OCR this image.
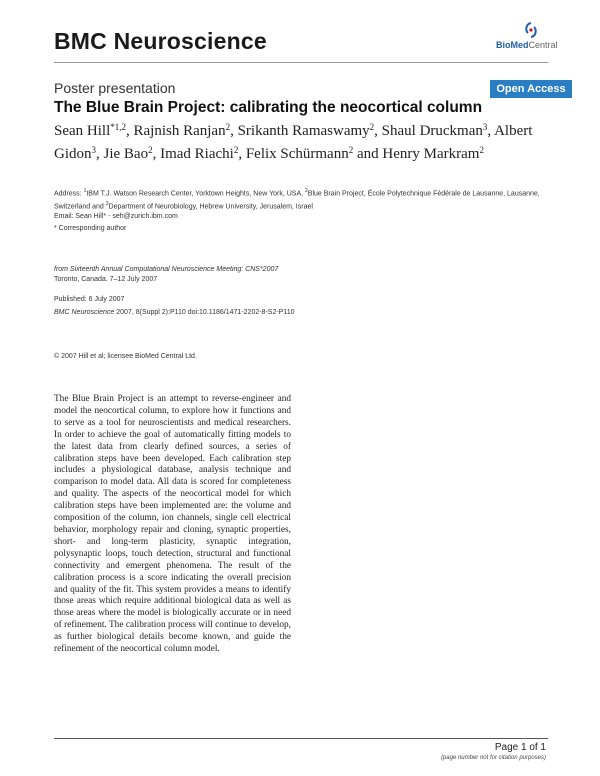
BMC Neuroscience	BioMedCentral
Poster presentation	Open Access
The Blue Brain Project: calibrating the neocortical column
Sean Hill$^{*1,2}$, Rajnish Ranjan$^2$, Srikanth Ramaswamy$^2$, Shaul Druckman$^3$, Albert Gidon$^3$, Jie Bao$^2$, Imad Riachi$^2$, Felix Schürmann$^2$ and Henry Markram$^2$
Address: $^1$IBM T.J. Watson Research Center, Yorktown Heights, New York, USA, $^2$Blue Brain Project, École Polytechnique Fédérale de Lausanne, Lausanne, Switzerland and $^3$Department of Neurobiology, Hebrew University, Jerusalem, Israel
Email: Sean Hill* - seh@zurich.ibm.com
* Corresponding author
from Sixteenth Annual Computational Neuroscience Meeting: CNS*2007
Toronto, Canada. 7–12 July 2007
Published: 6 July 2007
BMC Neuroscience 2007, 8(Suppl 2):P110 doi:10.1186/1471-2202-8-S2-P110
© 2007 Hill et al; licensee BioMed Central Ltd.
The Blue Brain Project is an attempt to reverse-engineer and model the neocortical column, to explore how it functions and to serve as a tool for neuroscientists and medical researchers. In order to achieve the goal of automatically fitting models to the latest data from clearly defined sources, a series of calibration steps have been developed. Each calibration step includes a physiological database, analysis technique and comparison to model data. All data is scored for completeness and quality. The aspects of the neocortical model for which calibration steps have been implemented are: the volume and composition of the column, ion channels, single cell electrical behavior, morphology repair and cloning, synaptic properties, short- and long-term plasticity, synaptic integration, polysynaptic loops, touch detection, structural and functional connectivity and emergent phenomena. The result of the calibration process is a score indicating the overall precision and quality of the fit. This system provides a means to identify those areas which require additional biological data as well as those areas where the model is biologically accurate or in need of refinement. The calibration process will continue to develop, as further biological details become known, and guide the refinement of the neocortical column model.
Page 1 of 1
(page number not for citation purposes)
